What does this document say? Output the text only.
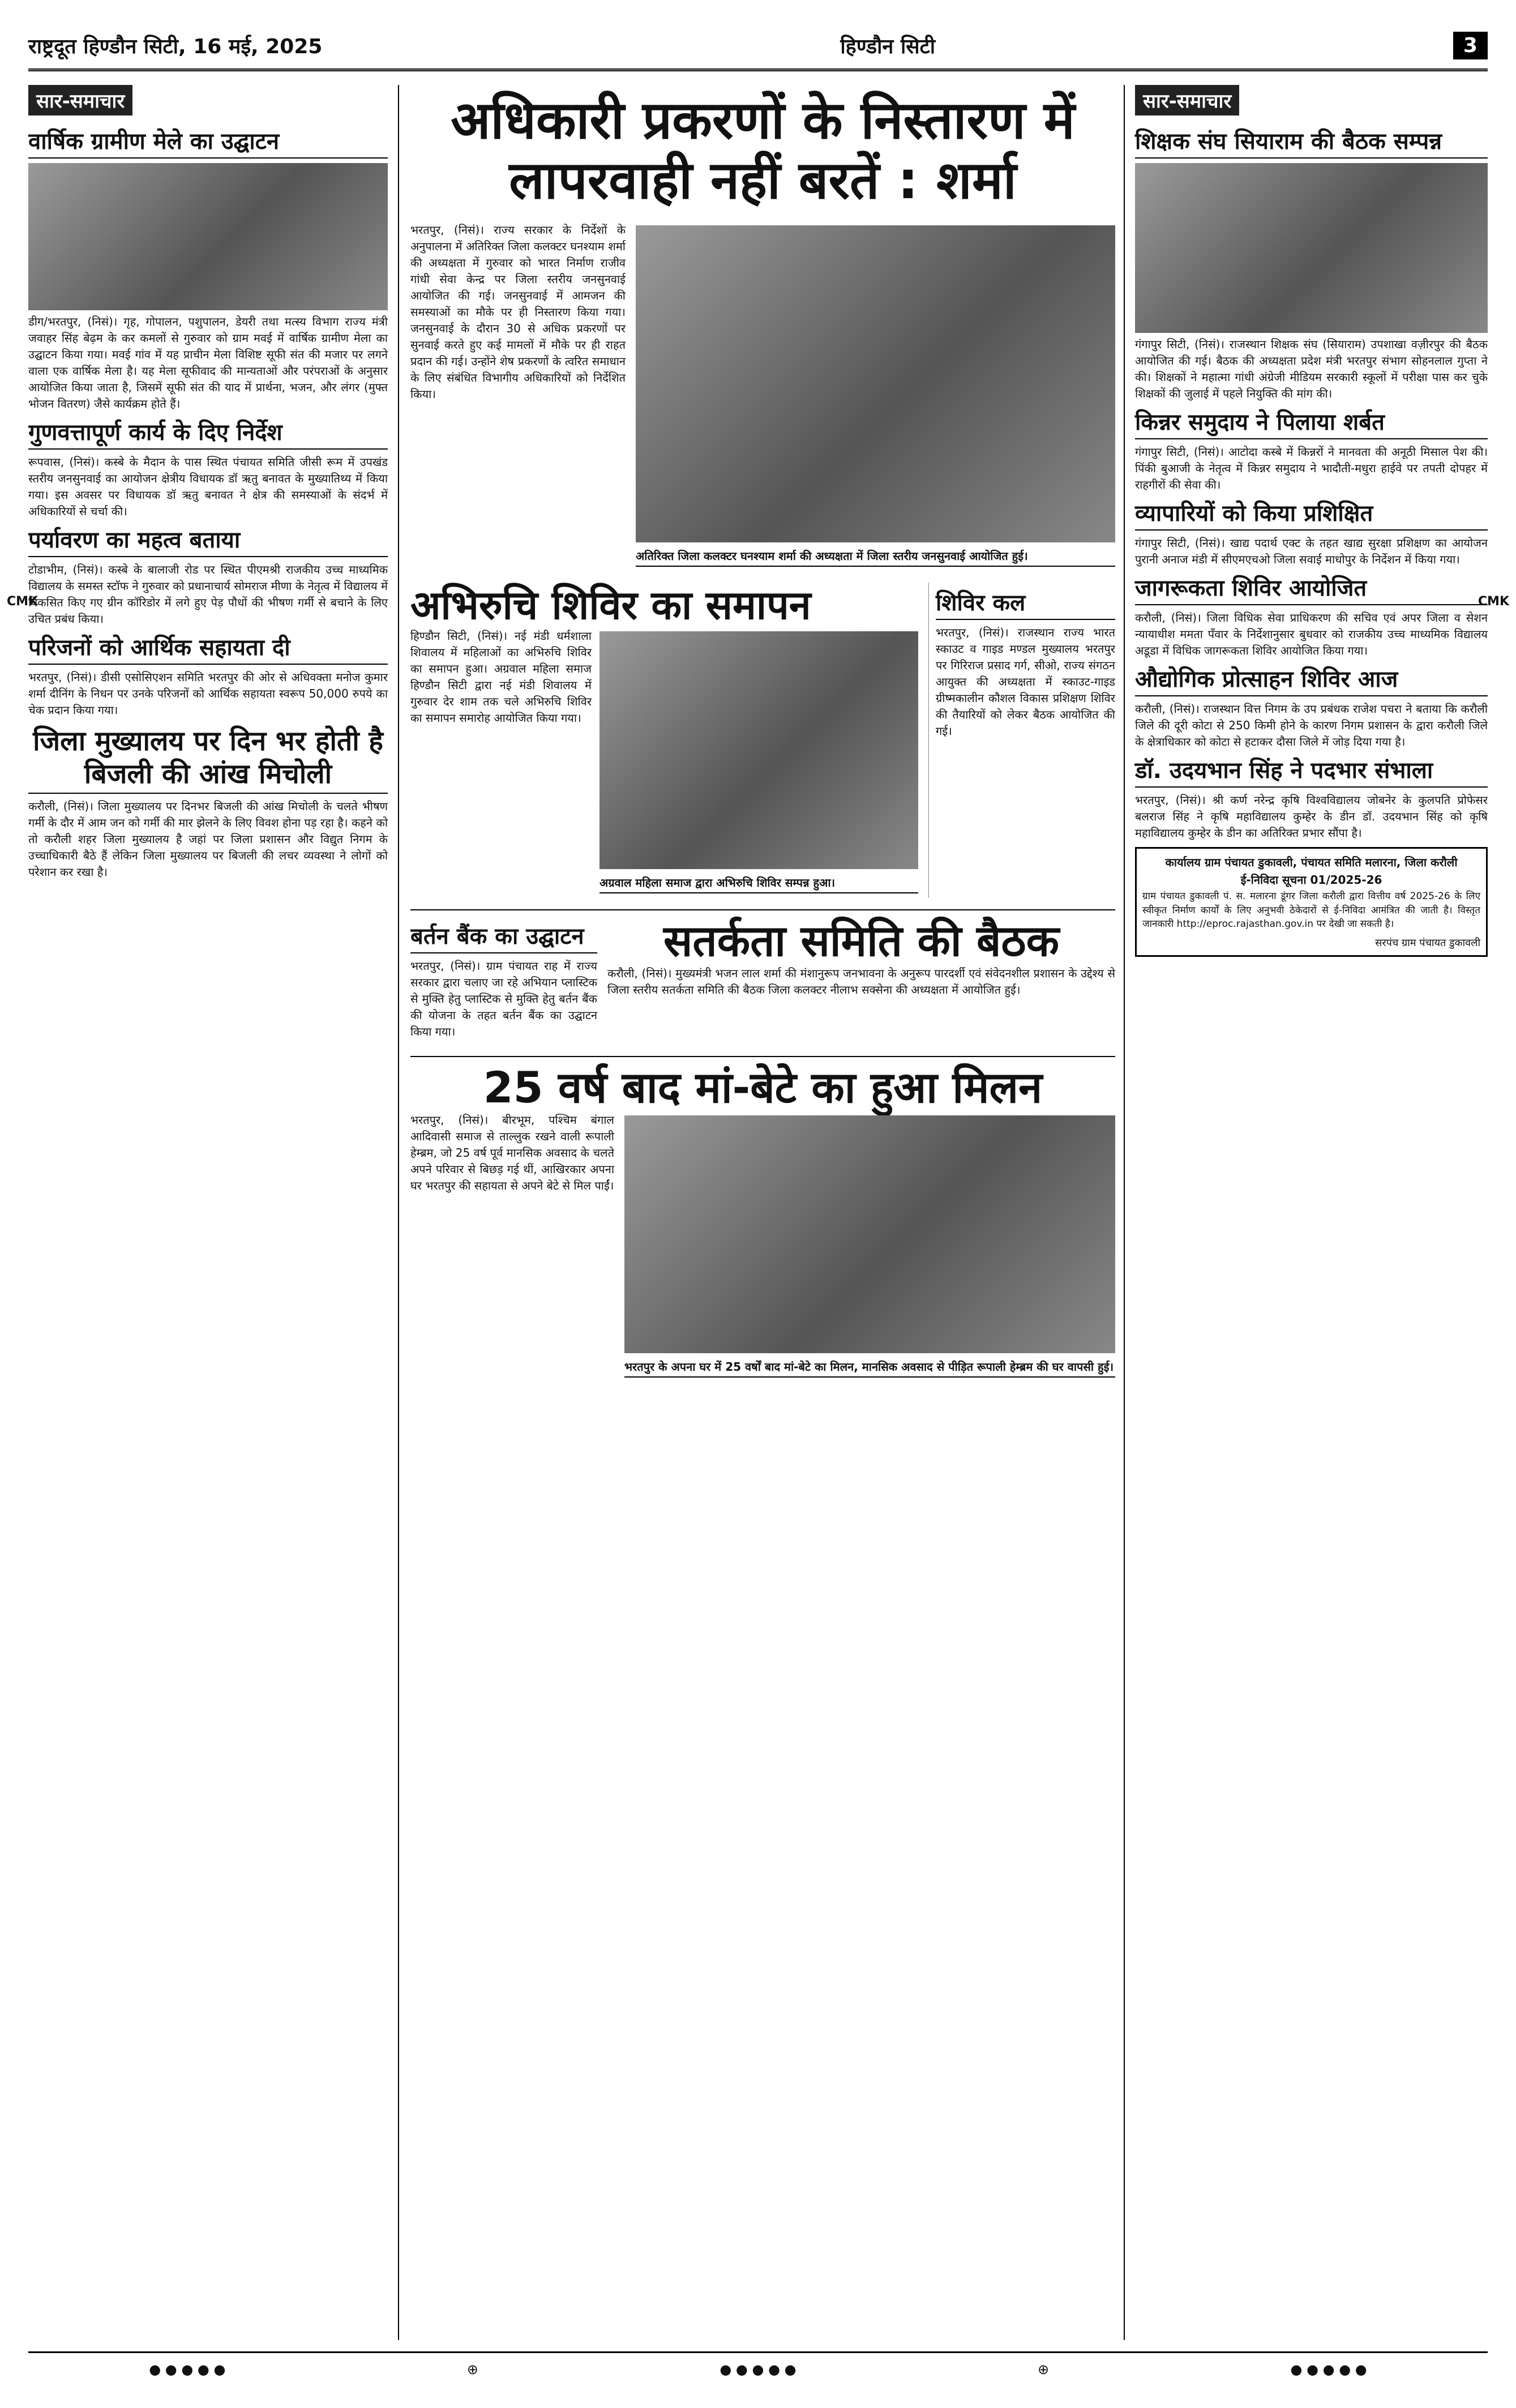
राष्ट्रदूत हिण्डौन सिटी, 16 मई, 2025	हिण्डौन सिटी	3
सार-समाचार
वार्षिक ग्रामीण मेले का उद्घाटन

डीग/भरतपुर, (निसं)। गृह, गोपालन, पशुपालन, डेयरी तथा मत्स्य विभाग राज्य मंत्री जवाहर सिंह बेढ़म के कर कमलों से गुरुवार को ग्राम मवई में वार्षिक ग्रामीण मेला का उद्घाटन किया गया। मवई गांव में यह प्राचीन मेला विशिष्ट सूफी संत की मजार पर लगने वाला एक वार्षिक मेला है। यह मेला सूफीवाद की मान्यताओं और परंपराओं के अनुसार आयोजित किया जाता है, जिसमें सूफी संत की याद में प्रार्थना, भजन, और लंगर (मुफ्त भोजन वितरण) जैसे कार्यक्रम होते हैं।

गुणवत्तापूर्ण कार्य के दिए निर्देश

रूपवास, (निसं)। कस्बे के मैदान के पास स्थित पंचायत समिति जीसी रूम में उपखंड स्तरीय जनसुनवाई का आयोजन क्षेत्रीय विधायक डॉ ऋतु बनावत के मुख्यातिथ्य में किया गया। इस अवसर पर विधायक डॉ ऋतु बनावत ने क्षेत्र की समस्याओं के संदर्भ में अधिकारियों से चर्चा की।

पर्यावरण का महत्व बताया

टोडाभीम, (निसं)। कस्बे के बालाजी रोड पर स्थित पीएमश्री राजकीय उच्च माध्यमिक विद्यालय के समस्त स्टॉफ ने गुरुवार को प्रधानाचार्य सोमराज मीणा के नेतृत्व में विद्यालय में विकसित किए गए ग्रीन कॉरिडोर में लगे हुए पेड़ पौधों की भीषण गर्मी से बचाने के लिए उचित प्रबंध किया।

परिजनों को आर्थिक सहायता दी

भरतपुर, (निसं)। डीसी एसोसिएशन समिति भरतपुर की ओर से अधिवक्ता मनोज कुमार शर्मा दीनिंग के निधन पर उनके परिजनों को आर्थिक सहायता स्वरूप 50,000 रुपये का चेक प्रदान किया गया।

जिला मुख्यालय पर दिन भर होती है बिजली की आंख मिचोली

करौली, (निसं)। जिला मुख्यालय पर दिनभर बिजली की आंख मिचोली के चलते भीषण गर्मी के दौर में आम जन को गर्मी की मार झेलने के लिए विवश होना पड़ रहा है। कहने को तो करौली शहर जिला मुख्यालय है जहां पर जिला प्रशासन और विद्युत निगम के उच्चाधिकारी बैठे हैं लेकिन जिला मुख्यालय पर बिजली की लचर व्यवस्था ने लोगों को परेशान कर रखा है।

अधिकारी प्रकरणों के निस्तारण में लापरवाही नहीं बरतें : शर्मा

भरतपुर, (निसं)। राज्य सरकार के निर्देशों के अनुपालना में अतिरिक्त जिला कलक्टर घनश्याम शर्मा की अध्यक्षता में गुरुवार को भारत निर्माण राजीव गांधी सेवा केन्द्र पर जिला स्तरीय जनसुनवाई आयोजित की गई। जनसुनवाई में आमजन की समस्याओं का मौके पर ही निस्तारण किया गया। जनसुनवाई के दौरान 30 से अधिक प्रकरणों पर सुनवाई करते हुए कई मामलों में मौके पर ही राहत प्रदान की गई। उन्होंने शेष प्रकरणों के त्वरित समाधान के लिए संबंधित विभागीय अधिकारियों को निर्देशित किया।

अतिरिक्त जिला कलक्टर घनश्याम शर्मा की अध्यक्षता में जिला स्तरीय जनसुनवाई आयोजित हुई।
अभिरुचि शिविर का समापन

हिण्डौन सिटी, (निसं)। नई मंडी धर्मशाला शिवालय में महिलाओं का अभिरुचि शिविर का समापन हुआ। अग्रवाल महिला समाज हिण्डौन सिटी द्वारा नई मंडी शिवालय में गुरुवार देर शाम तक चले अभिरुचि शिविर का समापन समारोह आयोजित किया गया।

अग्रवाल महिला समाज द्वारा अभिरुचि शिविर सम्पन्न हुआ।
शिविर कल

भरतपुर, (निसं)। राजस्थान राज्य भारत स्काउट व गाइड मण्डल मुख्यालय भरतपुर पर गिरिराज प्रसाद गर्ग, सीओ, राज्य संगठन आयुक्त की अध्यक्षता में स्काउट-गाइड ग्रीष्मकालीन कौशल विकास प्रशिक्षण शिविर की तैयारियों को लेकर बैठक आयोजित की गई।

बर्तन बैंक का उद्घाटन

भरतपुर, (निसं)। ग्राम पंचायत राह में राज्य सरकार द्वारा चलाए जा रहे अभियान प्लास्टिक से मुक्ति हेतु प्लास्टिक से मुक्ति हेतु बर्तन बैंक की योजना के तहत बर्तन बैंक का उद्घाटन किया गया।

सतर्कता समिति की बैठक

करौली, (निसं)। मुख्यमंत्री भजन लाल शर्मा की मंशानुरूप जनभावना के अनुरूप पारदर्शी एवं संवेदनशील प्रशासन के उद्देश्य से जिला स्तरीय सतर्कता समिति की बैठक जिला कलक्टर नीलाभ सक्सेना की अध्यक्षता में आयोजित हुई।

25 वर्ष बाद मां-बेटे का हुआ मिलन

भरतपुर, (निसं)। बीरभूम, पश्चिम बंगाल आदिवासी समाज से ताल्लुक रखने वाली रूपाली हेम्ब्रम, जो 25 वर्ष पूर्व मानसिक अवसाद के चलते अपने परिवार से बिछड़ गई थीं, आखिरकार अपना घर भरतपुर की सहायता से अपने बेटे से मिल पाईं।

भरतपुर के अपना घर में 25 वर्षों बाद मां-बेटे का मिलन, मानसिक अवसाद से पीड़ित रूपाली हेम्ब्रम की घर वापसी हुई।
सार-समाचार
शिक्षक संघ सियाराम की बैठक सम्पन्न

गंगापुर सिटी, (निसं)। राजस्थान शिक्षक संघ (सियाराम) उपशाखा वज़ीरपुर की बैठक आयोजित की गई। बैठक की अध्यक्षता प्रदेश मंत्री भरतपुर संभाग सोहनलाल गुप्ता ने की। शिक्षकों ने महात्मा गांधी अंग्रेजी मीडियम सरकारी स्कूलों में परीक्षा पास कर चुके शिक्षकों की जुलाई में पहले नियुक्ति की मांग की।

किन्नर समुदाय ने पिलाया शर्बत

गंगापुर सिटी, (निसं)। आटोदा कस्बे में किन्नरों ने मानवता की अनूठी मिसाल पेश की। पिंकी बुआजी के नेतृत्व में किन्नर समुदाय ने भादौती-मधुरा हाईवे पर तपती दोपहर में राहगीरों की सेवा की।

व्यापारियों को किया प्रशिक्षित

गंगापुर सिटी, (निसं)। खाद्य पदार्थ एक्ट के तहत खाद्य सुरक्षा प्रशिक्षण का आयोजन पुरानी अनाज मंडी में सीएमएचओ जिला सवाई माधोपुर के निर्देशन में किया गया।

जागरूकता शिविर आयोजित

करौली, (निसं)। जिला विधिक सेवा प्राधिकरण की सचिव एवं अपर जिला व सेशन न्यायाधीश ममता पँवार के निर्देशानुसार बुधवार को राजकीय उच्च माध्यमिक विद्यालय अडूडा में विधिक जागरूकता शिविर आयोजित किया गया।

औद्योगिक प्रोत्साहन शिविर आज

करौली, (निसं)। राजस्थान वित्त निगम के उप प्रबंधक राजेश पचरा ने बताया कि करौली जिले की दूरी कोटा से 250 किमी होने के कारण निगम प्रशासन के द्वारा करौली जिले के क्षेत्राधिकार को कोटा से हटाकर दौसा जिले में जोड़ दिया गया है।

डॉ. उदयभान सिंह ने पदभार संभाला

भरतपुर, (निसं)। श्री कर्ण नरेन्द्र कृषि विश्वविद्यालय जोबनेर के कुलपति प्रोफेसर बलराज सिंह ने कृषि महाविद्यालय कुम्हेर के डीन डॉ. उदयभान सिंह को कृषि महाविद्यालय कुम्हेर के डीन का अतिरिक्त प्रभार सौंपा है।

कार्यालय ग्राम पंचायत डुकावली, पंचायत समिति मलारना, जिला करौली
ई-निविदा सूचना 01/2025-26

ग्राम पंचायत डुकावली पं. स. मलारना डूंगर जिला करौली द्वारा वित्तीय वर्ष 2025-26 के लिए स्वीकृत निर्माण कार्यों के लिए अनुभवी ठेकेदारों से ई-निविदा आमंत्रित की जाती है। विस्तृत जानकारी http://eproc.rajasthan.gov.in पर देखी जा सकती है।

सरपंच ग्राम पंचायत डुकावली
CMK	CMK
● ● ● ● ●	⊕	● ● ● ● ●	⊕	● ● ● ● ●
